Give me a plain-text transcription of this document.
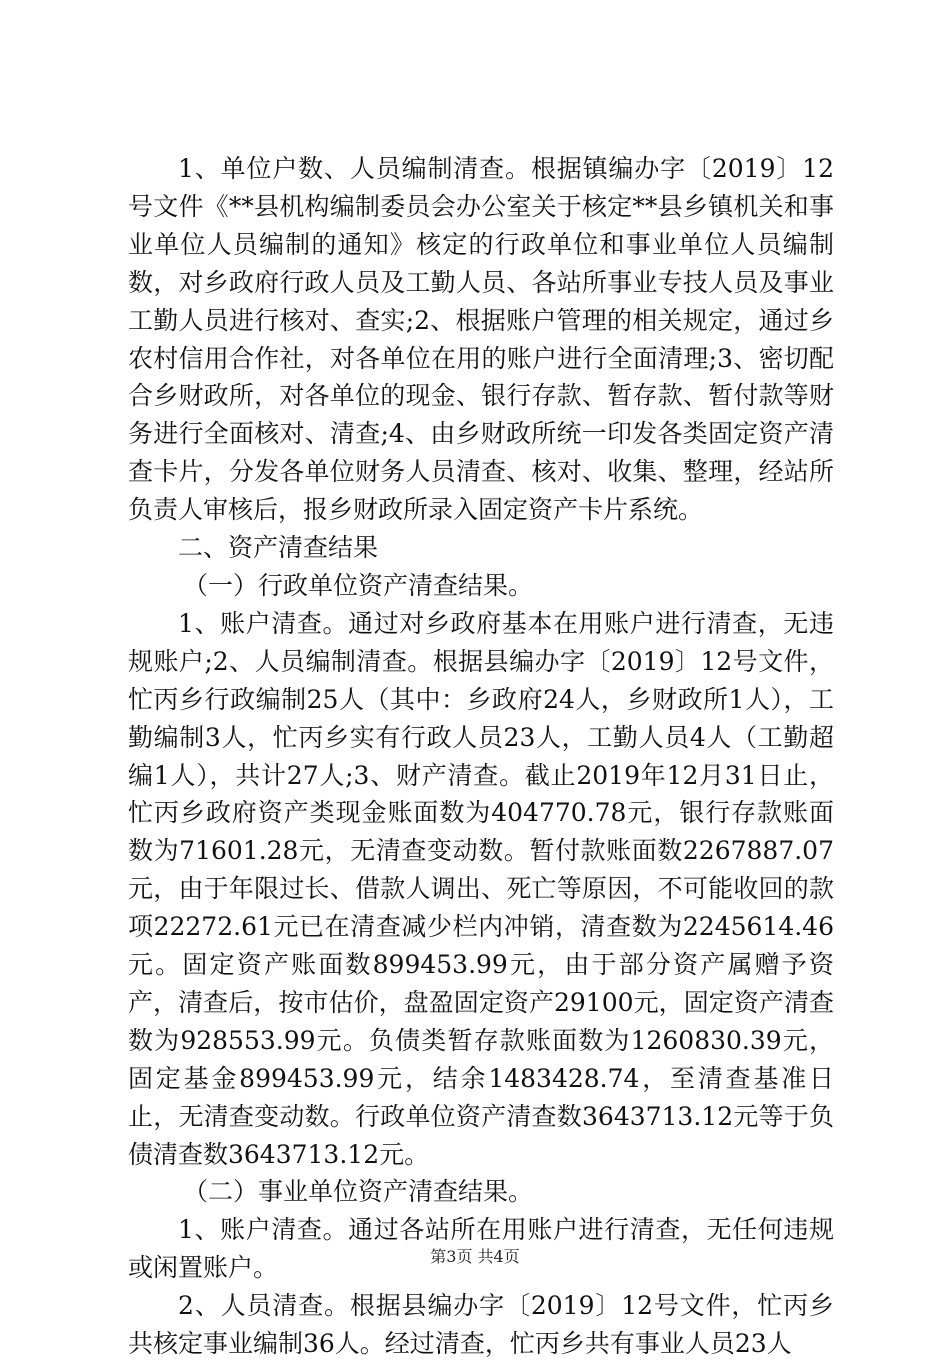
1、单位户数、人员编制清查。根据镇编办字〔2019〕12号文件《**县机构编制委员会办公室关于核定**县乡镇机关和事业单位人员编制的通知》核定的行政单位和事业单位人员编制数，对乡政府行政人员及工勤人员、各站所事业专技人员及事业工勤人员进行核对、查实;2、根据账户管理的相关规定，通过乡农村信用合作社，对各单位在用的账户进行全面清理;3、密切配合乡财政所，对各单位的现金、银行存款、暂存款、暂付款等财务进行全面核对、清查;4、由乡财政所统一印发各类固定资产清查卡片，分发各单位财务人员清查、核对、收集、整理，经站所负责人审核后，报乡财政所录入固定资产卡片系统。

二、资产清查结果

（一）行政单位资产清查结果。

1、账户清查。通过对乡政府基本在用账户进行清查，无违规账户;2、人员编制清查。根据县编办字〔2019〕12号文件，忙丙乡行政编制25人（其中：乡政府24人，乡财政所1人），工勤编制3人，忙丙乡实有行政人员23人，工勤人员4人（工勤超编1人），共计27人;3、财产清查。截止2019年12月31日止，忙丙乡政府资产类现金账面数为404770.78元，银行存款账面数为71601.28元，无清查变动数。暂付款账面数2267887.07元，由于年限过长、借款人调出、死亡等原因，不可能收回的款项22272.61元已在清查减少栏内冲销，清查数为2245614.46元。固定资产账面数899453.99元，由于部分资产属赠予资产，清查后，按市估价，盘盈固定资产29100元，固定资产清查数为928553.99元。负债类暂存款账面数为1260830.39元，固定基金899453.99元，结余1483428.74，至清查基准日止，无清查变动数。行政单位资产清查数3643713.12元等于负债清查数3643713.12元。

（二）事业单位资产清查结果。

1、账户清查。通过各站所在用账户进行清查，无任何违规或闲置账户。

2、人员清查。根据县编办字〔2019〕12号文件，忙丙乡共核定事业编制36人。经过清查，忙丙乡共有事业人员23人

第3页 共4页
